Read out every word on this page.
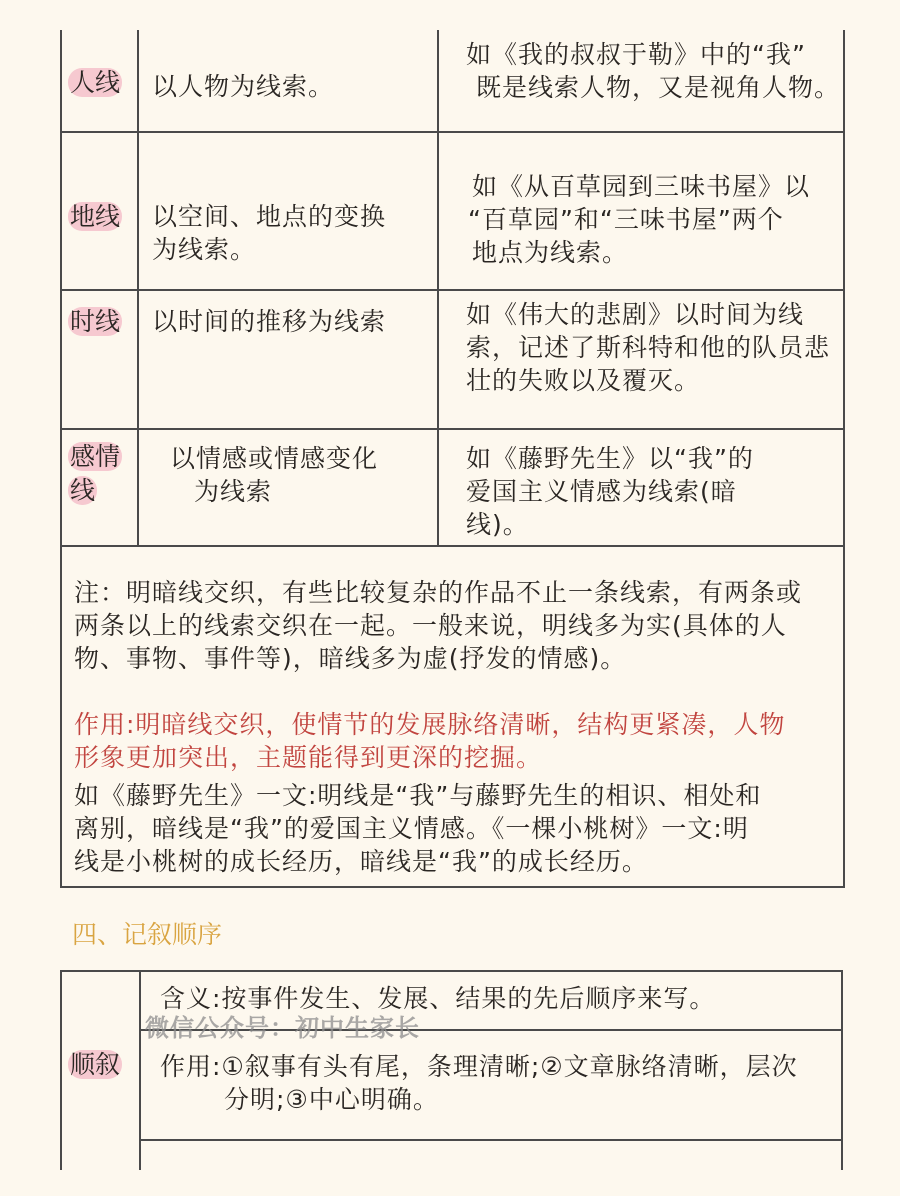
人线 以人物为线索。
如《我的叔叔于勒》中的“我”
既是线索人物，又是视角人物。
地线 以空间、地点的变换
为线索。
如《从百草园到三味书屋》以
“百草园”和“三味书屋”两个
地点为线索。
时线 以时间的推移为线索	如《伟大的悲剧》以时间为线
索，记述了斯科特和他的队员悲
壮的失败以及覆灭。
感情
线
以情感或情感变化
为线索
如《藤野先生》以“我”的
爱国主义情感为线索(暗
线)。
注：明暗线交织，有些比较复杂的作品不止一条线索，有两条或
两条以上的线索交织在一起。一般来说，明线多为实(具体的人
物、事物、事件等)，暗线多为虚(抒发的情感)。
作用:明暗线交织，使情节的发展脉络清晰，结构更紧凑，人物
形象更加突出，主题能得到更深的挖掘。
如《藤野先生》一文:明线是“我”与藤野先生的相识、相处和
离别，暗线是“我”的爱国主义情感。《一棵小桃树》一文:明
线是小桃树的成长经历，暗线是“我”的成长经历。
四、记叙顺序
顺叙
含义:按事件发生、发展、结果的先后顺序来写。
作用:①叙事有头有尾，条理清晰;②文章脉络清晰，层次
分明;③中心明确。
微信公众号：初中生家长
